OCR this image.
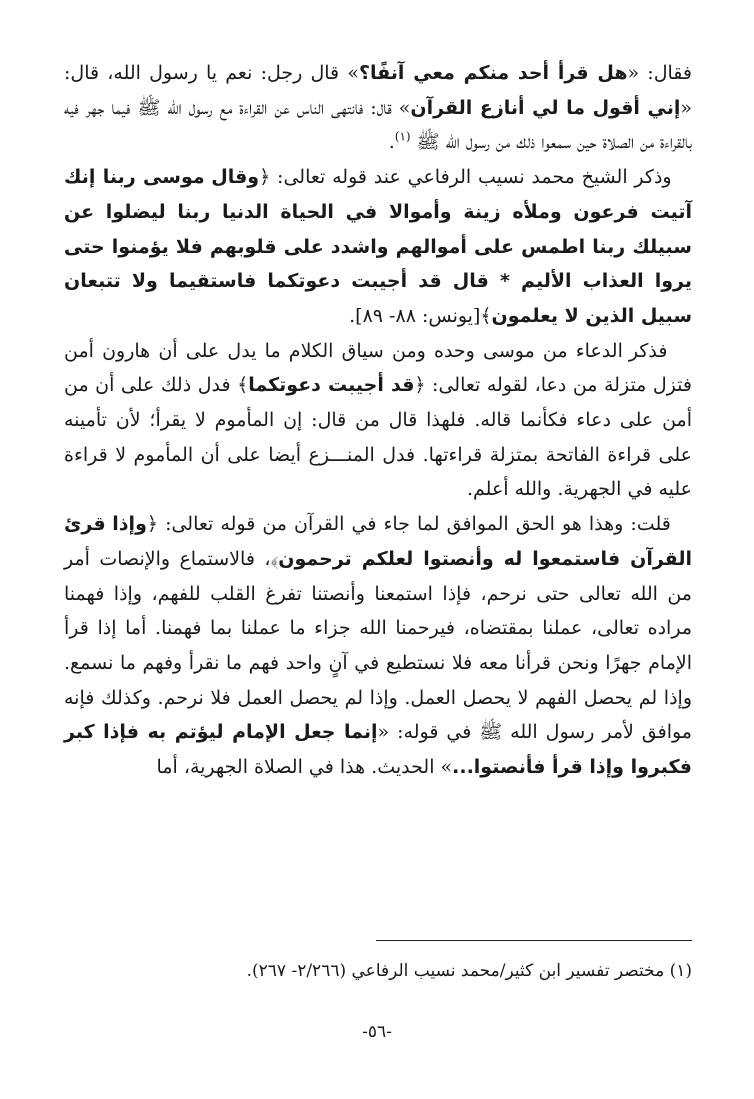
فقال: «هل قرأ أحد منكم معي آنفًا؟» قال رجل: نعم يا رسول الله، قال: «إني أقول ما لي أنازع القرآن» قال: فانتهى الناس عن القراءة مع رسول الله ﷺ فيما جهر فيه بالقراءة من الصلاة حين سمعوا ذلك من رسول الله ﷺ $^{(١)}$.

وذكر الشيخ محمد نسيب الرفاعي عند قوله تعالى: ﴿وقال موسى ربنا إنك آتيت فرعون وملأه زينة وأموالا في الحياة الدنيا ربنا ليضلوا عن سبيلك ربنا اطمس على أموالهم واشدد على قلوبهم فلا يؤمنوا حتى يروا العذاب الأليم * قال قد أجيبت دعوتكما فاستقيما ولا تتبعان سبيل الذين لا يعلمون﴾[يونس: ٨٨- ٨٩].

فذكر الدعاء من موسى وحده ومن سياق الكلام ما يدل على أن هارون أمن فتزل متزلة من دعا، لقوله تعالى: ﴿قد أجيبت دعوتكما﴾ فدل ذلك على أن من أمن على دعاء فكأنما قاله. فلهذا قال من قال: إن المأموم لا يقرأ؛ لأن تأمينه على قراءة الفاتحة بمتزلة قراءتها. فدل المنـــزع أيضا على أن المأموم لا قراءة عليه في الجهرية. والله أعلم.

قلت: وهذا هو الحق الموافق لما جاء في القرآن من قوله تعالى: ﴿وإذا قرئ القرآن فاستمعوا له وأنصتوا لعلكم ترحمون﴾، فالاستماع والإنصات أمر من الله تعالى حتى نرحم، فإذا استمعنا وأنصتنا تفرغ القلب للفهم، وإذا فهمنا مراده تعالى، عملنا بمقتضاه، فيرحمنا الله جزاء ما عملنا بما فهمنا. أما إذا قرأ الإمام جهرًا ونحن قرأنا معه فلا نستطيع في آنٍ واحد فهم ما نقرأ وفهم ما نسمع. وإذا لم يحصل الفهم لا يحصل العمل. وإذا لم يحصل العمل فلا نرحم. وكذلك فإنه موافق لأمر رسول الله ﷺ في قوله: «إنما جعل الإمام ليؤتم به فإذا كبر فكبروا وإذا قرأ فأنصتوا...» الحديث. هذا في الصلاة الجهرية، أما

(١) مختصر تفسير ابن كثير/محمد نسيب الرفاعي (٢/٢٦٦- ٢٦٧).
-٥٦-
